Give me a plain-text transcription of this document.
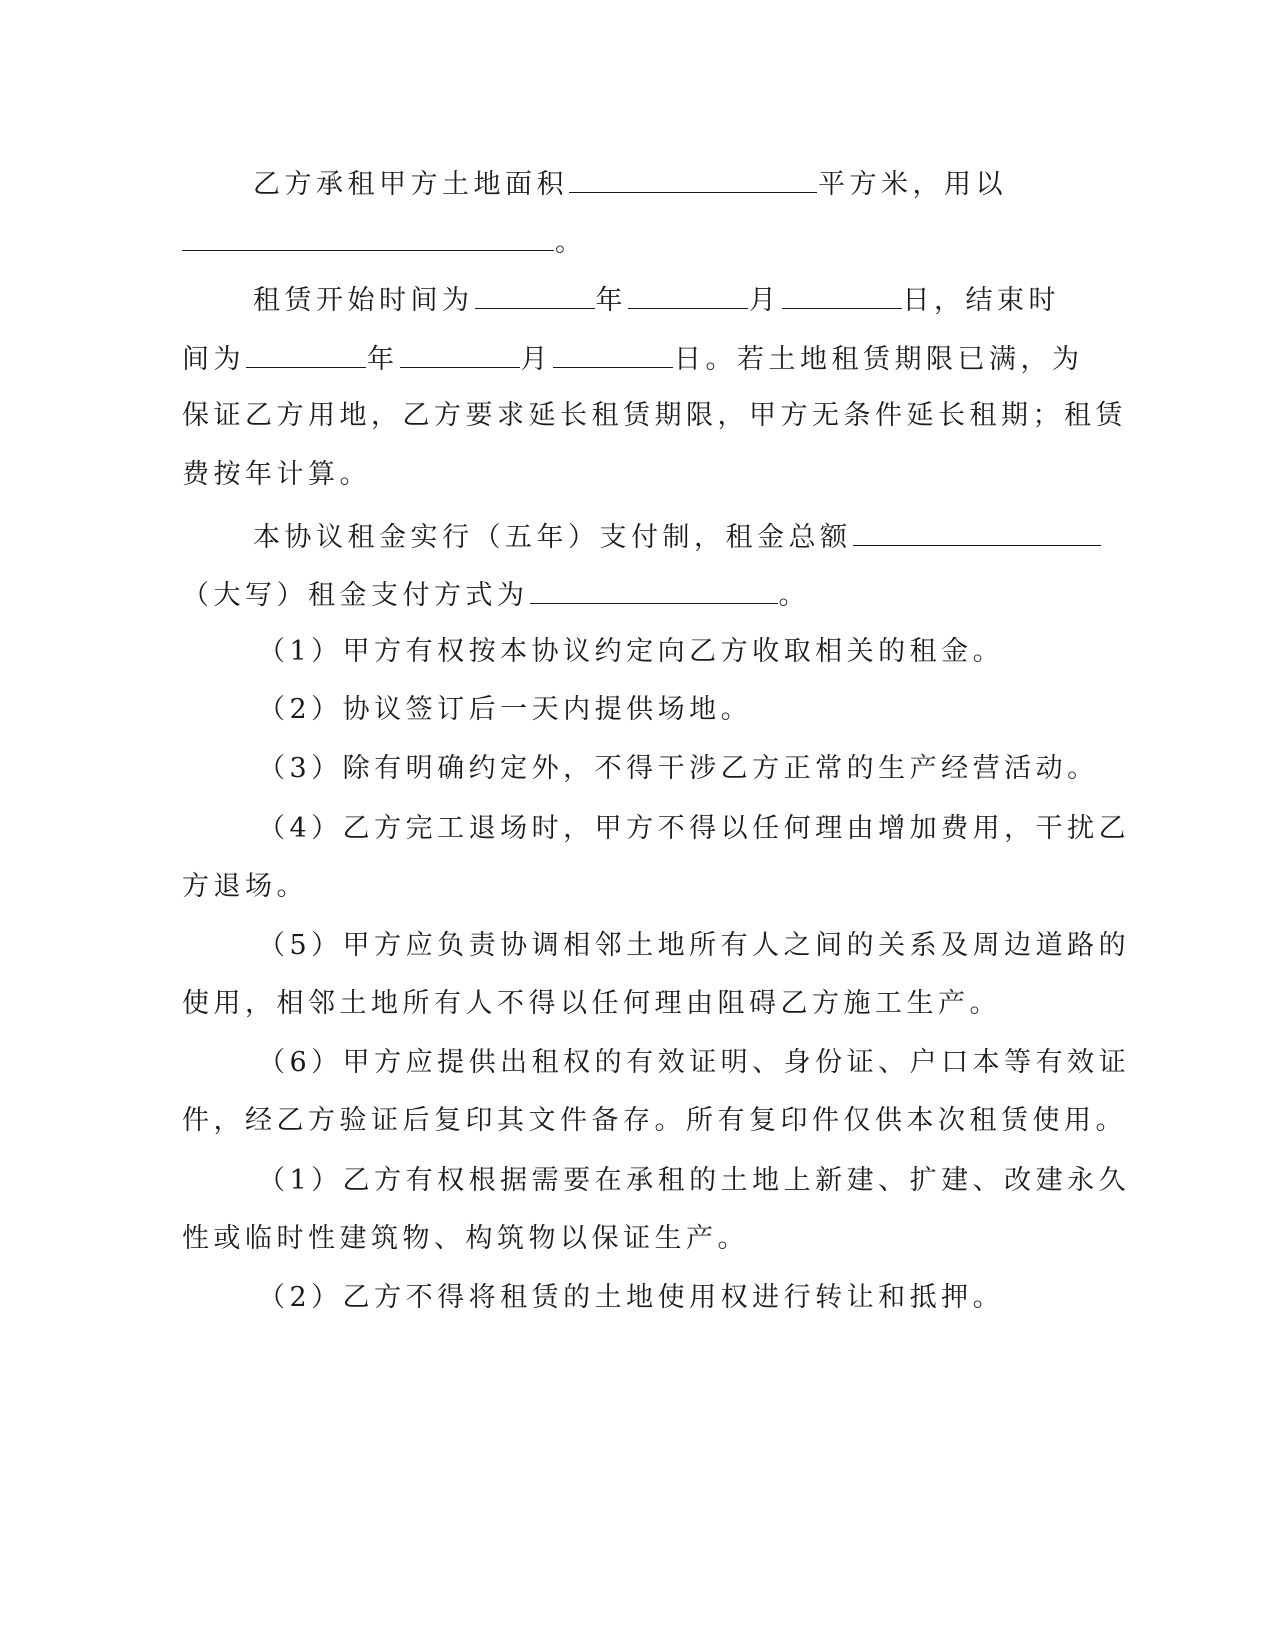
乙方承租甲方土地面积	平方米，用以
。
租赁开始时间为	年	月	日，结束时
间为	年	月	日。若土地租赁期限已满，为
保证乙方用地，乙方要求延长租赁期限，甲方无条件延长租期；租赁
费按年计算。
本协议租金实行（五年）支付制，租金总额
（大写）租金支付方式为	。
（1）甲方有权按本协议约定向乙方收取相关的租金。
（2）协议签订后一天内提供场地。
（3）除有明确约定外，不得干涉乙方正常的生产经营活动。
（4）乙方完工退场时，甲方不得以任何理由增加费用，干扰乙
方退场。
（5）甲方应负责协调相邻土地所有人之间的关系及周边道路的
使用，相邻土地所有人不得以任何理由阻碍乙方施工生产。
（6）甲方应提供出租权的有效证明、身份证、户口本等有效证
件，经乙方验证后复印其文件备存。所有复印件仅供本次租赁使用。
（1）乙方有权根据需要在承租的土地上新建、扩建、改建永久
性或临时性建筑物、构筑物以保证生产。
（2）乙方不得将租赁的土地使用权进行转让和抵押。
